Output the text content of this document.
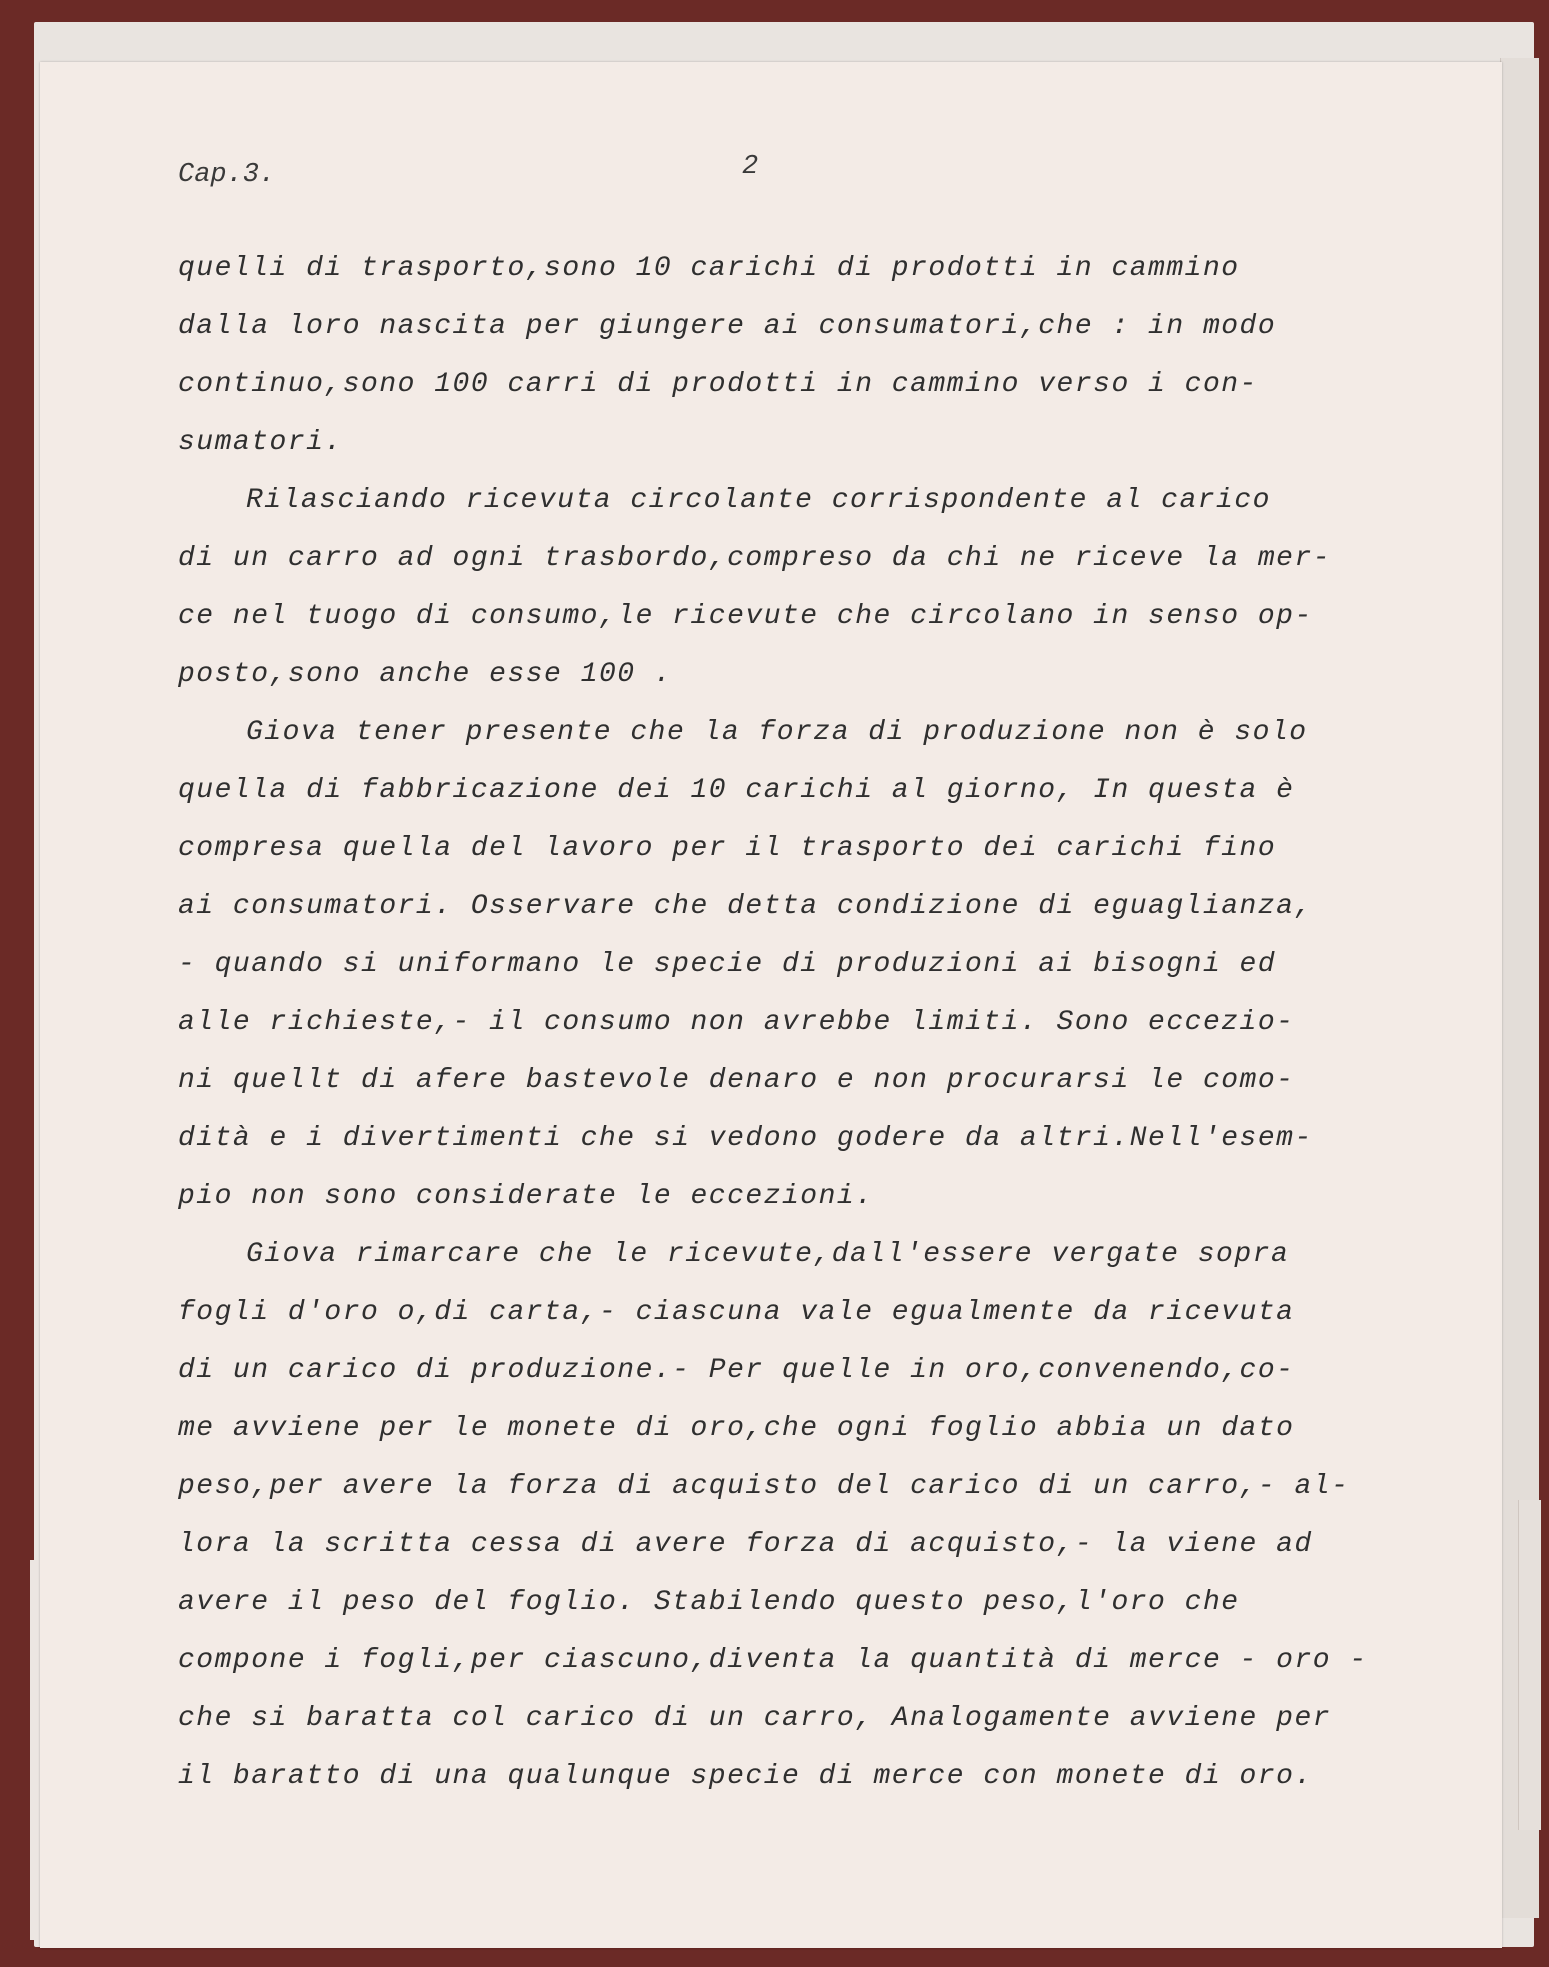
Cap.3.	2
quelli di trasporto,sono 10 carichi di prodotti in cammino
dalla loro nascita per giungere ai consumatori,che : in modo
continuo,sono 100 carri di prodotti in cammino verso i con-
sumatori.
Rilasciando ricevuta circolante corrispondente al carico
di un carro ad ogni trasbordo,compreso da chi ne riceve la mer-
ce nel tuogo di consumo,le ricevute che circolano in senso op-
posto,sono anche esse 100 .
Giova tener presente che la forza di produzione non è solo
quella di fabbricazione dei 10 carichi al giorno, In questa è
compresa quella del lavoro per il trasporto dei carichi fino
ai consumatori. Osservare che detta condizione di eguaglianza,
- quando si uniformano le specie di produzioni ai bisogni ed
alle richieste,- il consumo non avrebbe limiti. Sono eccezio-
ni quellt di afere bastevole denaro e non procurarsi le como-
dità e i divertimenti che si vedono godere da altri.Nell'esem-
pio non sono considerate le eccezioni.
Giova rimarcare che le ricevute,dall'essere vergate sopra
fogli d'oro o,di carta,- ciascuna vale egualmente da ricevuta
di un carico di produzione.- Per quelle in oro,convenendo,co-
me avviene per le monete di oro,che ogni foglio abbia un dato
peso,per avere la forza di acquisto del carico di un carro,- al-
lora la scritta cessa di avere forza di acquisto,- la viene ad
avere il peso del foglio. Stabilendo questo peso,l'oro che
compone i fogli,per ciascuno,diventa la quantità di merce - oro -
che si baratta col carico di un carro, Analogamente avviene per
il baratto di una qualunque specie di merce con monete di oro.
